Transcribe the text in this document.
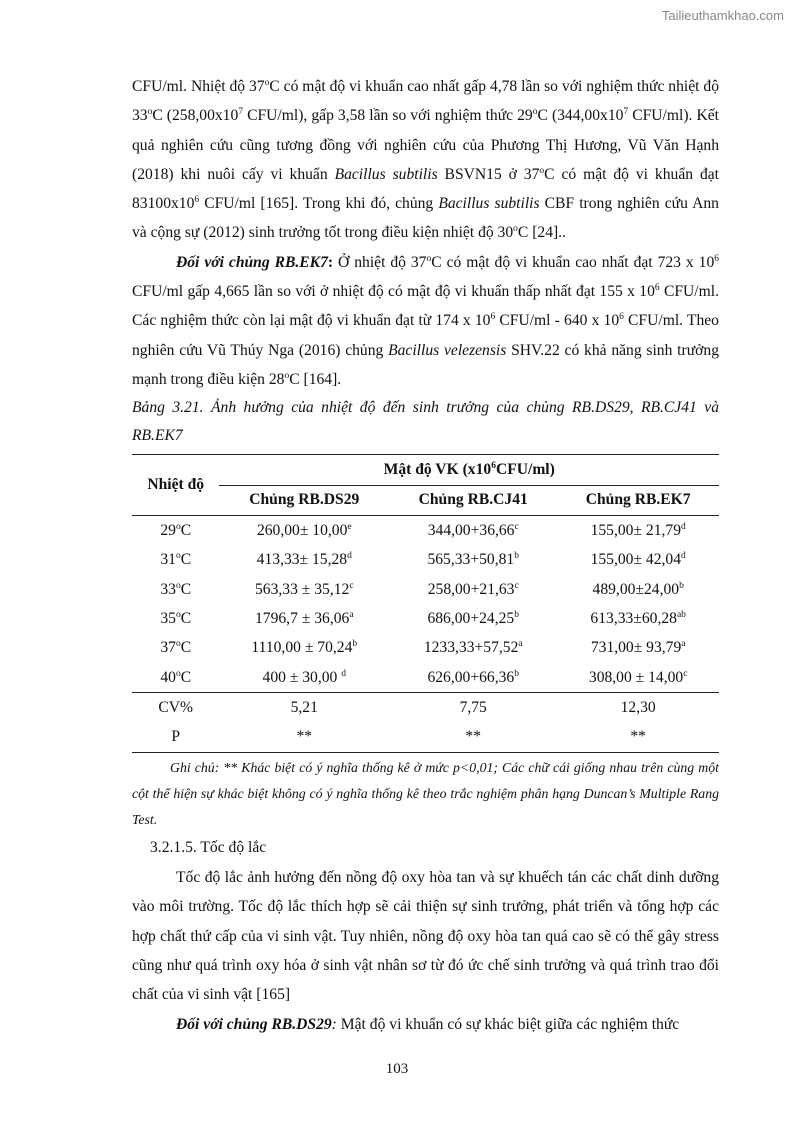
Tailieuthamkhao.com

CFU/ml. Nhiệt độ 37$^o$C có mật độ vi khuẩn cao nhất gấp 4,78 lần so với nghiệm thức nhiệt độ 33$^o$C ($258,00x10^7$ CFU/ml), gấp 3,58 lần so với nghiệm thức 29$^o$C ($344,00x10^7$ CFU/ml). Kết quả nghiên cứu cũng tương đồng với nghiên cứu của Phương Thị Hương, Vũ Văn Hạnh (2018) khi nuôi cấy vi khuẩn Bacillus subtilis BSVN15 ở 37$^o$C có mật độ vi khuẩn đạt $83100x10^6$ CFU/ml [165]. Trong khi đó, chủng Bacillus subtilis CBF trong nghiên cứu Ann và cộng sự (2012) sinh trưởng tốt trong điều kiện nhiệt độ 30$^o$C [24]..

Đối với chủng RB.EK7: Ở nhiệt độ 37$^o$C có mật độ vi khuẩn cao nhất đạt 723 x $10^6$ CFU/ml gấp 4,665 lần so với ở nhiệt độ có mật độ vi khuẩn thấp nhất đạt 155 x $10^6$ CFU/ml. Các nghiệm thức còn lại mật độ vi khuẩn đạt từ 174 x $10^6$ CFU/ml - 640 x $10^6$ CFU/ml. Theo nghiên cứu Vũ Thúy Nga (2016) chủng Bacillus velezensis SHV.22 có khả năng sinh trưởng mạnh trong điều kiện 28$^o$C [164].

Bảng 3.21. Ảnh hưởng của nhiệt độ đến sinh trưởng của chủng RB.DS29, RB.CJ41 và RB.EK7

Nhiệt độ	Mật độ VK $(x10^6CFU/ml)$		
	Chủng RB.DS29	Chủng RB.CJ41	Chủng RB.EK7
29$^o$C	260,00± 10,00$^e$	344,00+36,66$^c$	155,00± 21,79$^d$
31$^o$C	413,33± 15,28$^d$	565,33+50,81$^b$	155,00± 42,04$^d$
33$^o$C	563,33 ± 35,12$^c$	258,00+21,63$^c$	489,00±24,00$^b$
35$^o$C	1796,7 ± 36,06$^a$	686,00+24,25$^b$	613,33±60,28$^{ab}$
37$^o$C	1110,00 ± 70,24$^b$	1233,33+57,52$^a$	731,00± 93,79$^a$
40$^o$C	400 ± 30,00 $^d$	626,00+66,36$^b$	308,00 ± 14,00$^c$
CV%	5,21	7,75	12,30
P	**	**	**

Ghi chú: ** Khác biệt có ý nghĩa thống kê ở mức p<0,01; Các chữ cái giống nhau trên cùng một cột thể hiện sự khác biệt không có ý nghĩa thống kê theo trắc nghiệm phân hạng Duncan’s Multiple Rang Test.

3.2.1.5. Tốc độ lắc

Tốc độ lắc ảnh hưởng đến nồng độ oxy hòa tan và sự khuếch tán các chất dinh dưỡng vào môi trường. Tốc độ lắc thích hợp sẽ cải thiện sự sinh trưởng, phát triển và tổng hợp các hợp chất thứ cấp của vi sinh vật. Tuy nhiên, nồng độ oxy hòa tan quá cao sẽ có thể gây stress cũng như quá trình oxy hóa ở sinh vật nhân sơ từ đó ức chế sinh trưởng và quá trình trao đổi chất của vi sinh vật [165]

Đối với chủng RB.DS29: Mật độ vi khuẩn có sự khác biệt giữa các nghiệm thức

103
